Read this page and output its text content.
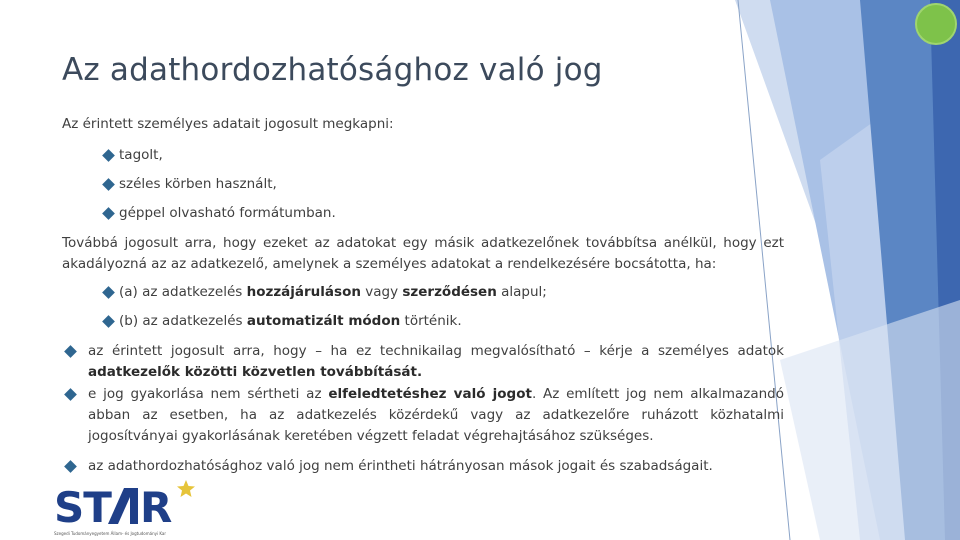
Az adathordozhatósághoz való jog
Az érintett személyes adatait jogosult megkapni:
tagolt,
széles körben használt,
géppel olvasható formátumban.
Továbbá jogosult arra, hogy ezeket az adatokat egy másik adatkezelőnek továbbítsa anélkül, hogy ezt akadályozná az az adatkezelő, amelynek a személyes adatokat a rendelkezésére bocsátotta, ha:
(a) az adatkezelés hozzájáruláson vagy szerződésen alapul;
(b) az adatkezelés automatizált módon történik.
az érintett jogosult arra, hogy – ha ez technikailag megvalósítható – kérje a személyes adatok adatkezelők közötti közvetlen továbbítását.
e jog gyakorlása nem sértheti az elfeledtetéshez való jogot. Az említett jog nem alkalmazandó abban az esetben, ha az adatkezelés közérdekű vagy az adatkezelőre ruházott közhatalmi jogosítványai gyakorlásának keretében végzett feladat végrehajtásához szükséges.
az adathordozhatósághoz való jog nem érintheti hátrányosan mások jogait és szabadságait.
ST R
Szegedi Tudományegyetem Állam- és Jogtudományi Kar
